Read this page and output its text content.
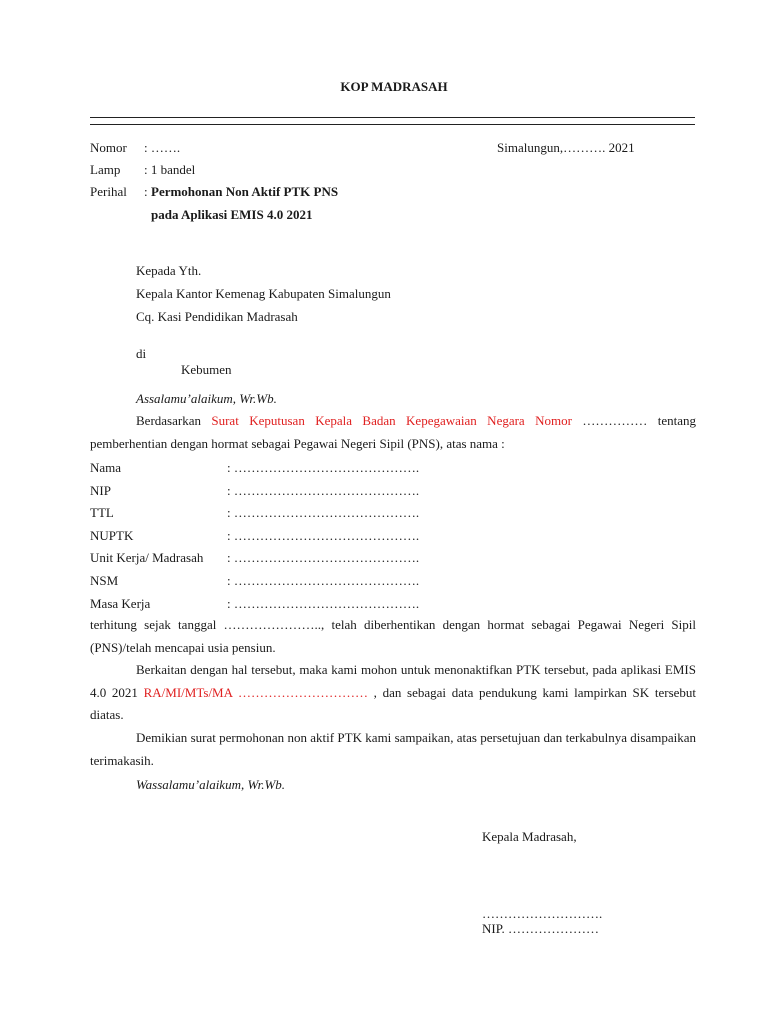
KOP MADRASAH
Nomor : …….	Simalungun,………. 2021
Lamp : 1 bandel
Perihal : Permohonan Non Aktif PTK PNS
pada Aplikasi EMIS 4.0 2021
Kepada Yth.
Kepala Kantor Kemenag Kabupaten Simalungun
Cq. Kasi Pendidikan Madrasah
di
Kebumen
Assalamu’alaikum, Wr.Wb.
Berdasarkan Surat Keputusan Kepala Badan Kepegawaian Negara Nomor …………… tentang pemberhentian dengan hormat sebagai Pegawai Negeri Sipil (PNS), atas nama :
Nama	: …………………………………….
NIP	: …………………………………….
TTL	: …………………………………….
NUPTK	: …………………………………….
Unit Kerja/ Madrasah : …………………………………….
NSM	: …………………………………….
Masa Kerja	: …………………………………….
terhitung sejak tanggal ………………….., telah diberhentikan dengan hormat sebagai Pegawai Negeri Sipil (PNS)/telah mencapai usia pensiun.
Berkaitan dengan hal tersebut, maka kami mohon untuk menonaktifkan PTK tersebut, pada aplikasi EMIS 4.0 2021 RA/MI/MTs/MA ………………………… , dan sebagai data pendukung kami lampirkan SK tersebut diatas.
Demikian surat permohonan non aktif PTK kami sampaikan, atas persetujuan dan terkabulnya disampaikan terimakasih.
Wassalamu’alaikum, Wr.Wb.
Kepala Madrasah,
……………………….
NIP. …………………
